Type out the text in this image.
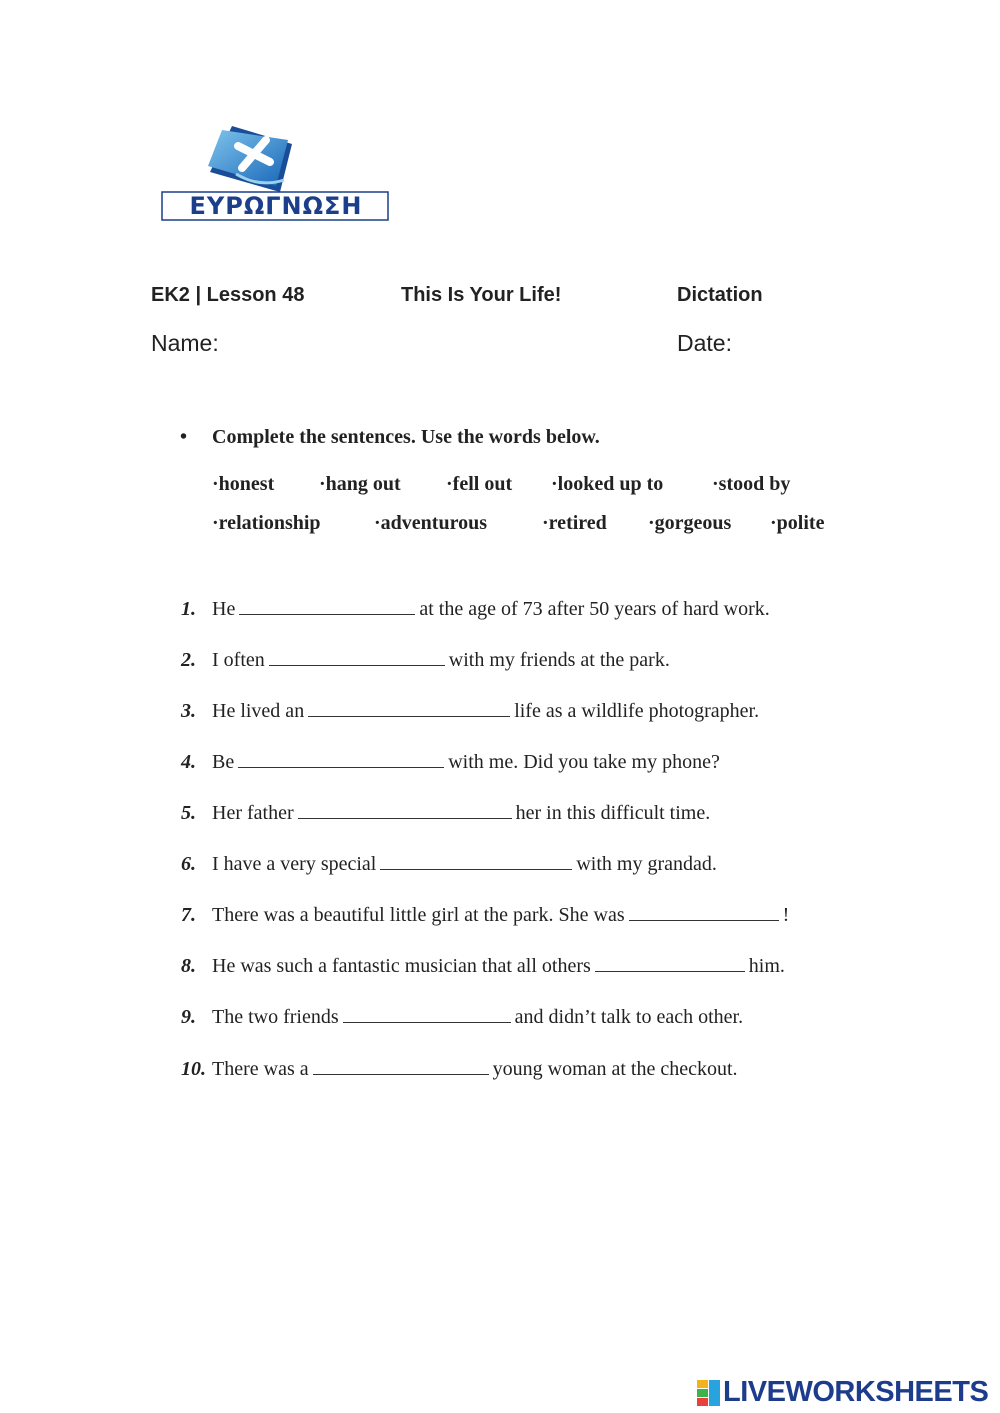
ΕΥΡΩΓΝΩΣΗ
EK2 | Lesson 48	This Is Your Life!	Dictation
Name:	Date:
• Complete the sentences. Use the words below.
·honest ·hang out ·fell out ·looked up to ·stood by
·relationship	·adventurous	·retired ·gorgeous ·polite
1. He	at the age of 73 after 50 years of hard work.
2. I often	with my friends at the park.
3. He lived an	life as a wildlife photographer.
4. Be	with me. Did you take my phone?
5. Her father	her in this difficult time.
6. I have a very special	with my grandad.
7. There was a beautiful little girl at the park. She was	!
8. He was such a fantastic musician that all others	him.
9. The two friends	and didn’t talk to each other.
10. There was a	young woman at the checkout.
LIVEWORKSHEETS
